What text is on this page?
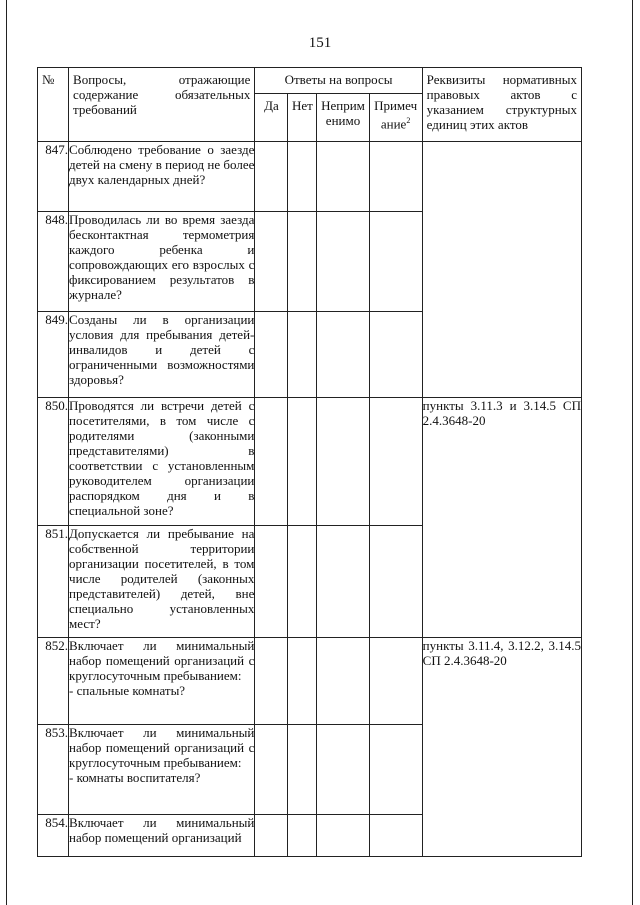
151
№	Вопросы, отражающие содержание обязательных требований	Ответы на вопросы				Реквизиты нормативных правовых актов с указанием структурных единиц этих актов

		Да	Нет	Неприм енимо	Примеч ание$^2$

847.	Соблюдено требование о заезде детей на смену в период не более двух календарных дней?					

848.	Проводилась ли во время заезда бесконтактная термометрия каждого ребенка и сопровождающих его взрослых с фиксированием результатов в журнале?					

849.	Созданы ли в организации условия для пребывания детей-инвалидов и детей с ограниченными возможностями здоровья?					

850.	Проводятся ли встречи детей с посетителями, в том числе с родителями (законными представителями) в соответствии с установленным руководителем организации распорядком дня и в специальной зоне?					пункты 3.11.3 и 3.14.5 СП 2.4.3648-20
851.	Допускается ли пребывание на собственной территории организации посетителей, в том числе родителей (законных представителей) детей, вне специально установленных мест?					

852.	Включает ли минимальный набор помещений организаций с круглосуточным пребыванием:
- спальные комнаты?					пункты 3.11.4, 3.12.2, 3.14.5 СП 2.4.3648-20
853.	Включает ли минимальный набор помещений организаций с круглосуточным пребыванием:
- комнаты воспитателя?					

854.	Включает ли минимальный набор помещений организаций					
